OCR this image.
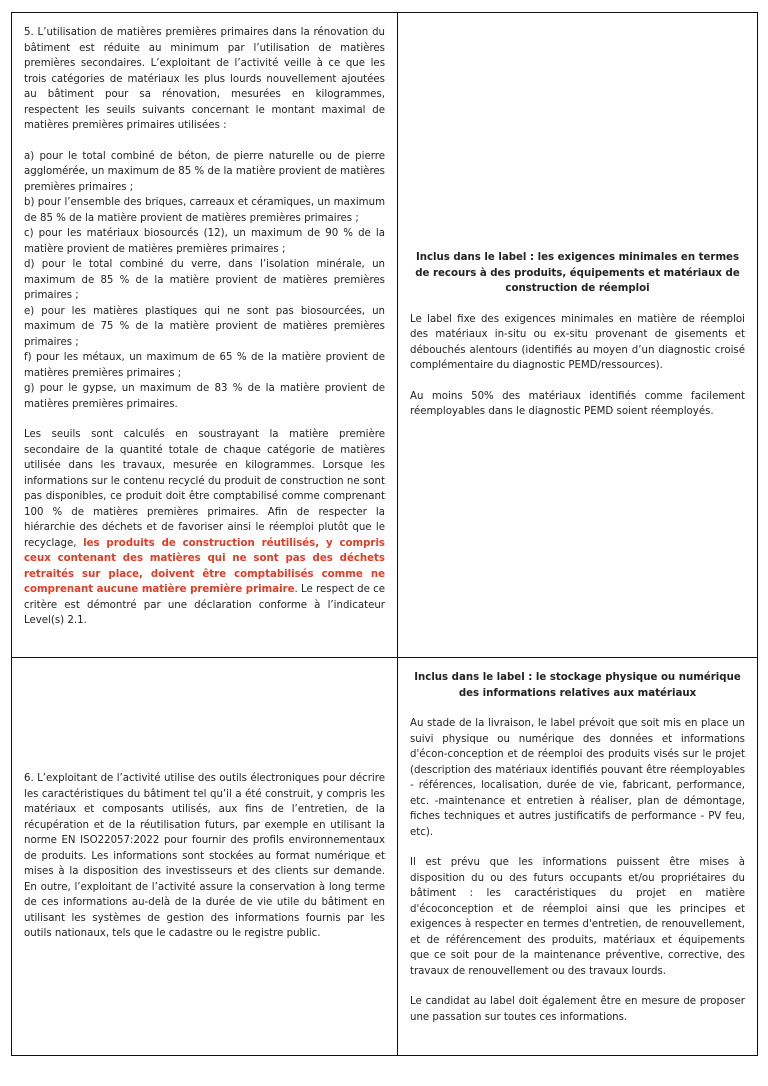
5. L’utilisation de matières premières primaires dans la rénovation du bâtiment est réduite au minimum par l’utilisation de matières premières secondaires. L’exploitant de l’activité veille à ce que les trois catégories de matériaux les plus lourds nouvellement ajoutées au bâtiment pour sa rénovation, mesurées en kilogrammes, respectent les seuils suivants concernant le montant maximal de matières premières primaires utilisées :

a) pour le total combiné de béton, de pierre naturelle ou de pierre agglomérée, un maximum de 85 % de la matière provient de matières premières primaires ;

b) pour l’ensemble des briques, carreaux et céramiques, un maximum de 85 % de la matière provient de matières premières primaires ;

c) pour les matériaux biosourcés (12), un maximum de 90 % de la matière provient de matières premières primaires ;

d) pour le total combiné du verre, dans l’isolation minérale, un maximum de 85 % de la matière provient de matières premières primaires ;

e) pour les matières plastiques qui ne sont pas biosourcées, un maximum de 75 % de la matière provient de matières premières primaires ;

f) pour les métaux, un maximum de 65 % de la matière provient de matières premières primaires ;

g) pour le gypse, un maximum de 83 % de la matière provient de matières premières primaires.

Les seuils sont calculés en soustrayant la matière première secondaire de la quantité totale de chaque catégorie de matières utilisée dans les travaux, mesurée en kilogrammes. Lorsque les informations sur le contenu recyclé du produit de construction ne sont pas disponibles, ce produit doit être comptabilisé comme comprenant 100 % de matières premières primaires. Afin de respecter la hiérarchie des déchets et de favoriser ainsi le réemploi plutôt que le recyclage, les produits de construction réutilisés, y compris ceux contenant des matières qui ne sont pas des déchets retraités sur place, doivent être comptabilisés comme ne comprenant aucune matière première primaire. Le respect de ce critère est démontré par une déclaration conforme à l’indicateur Level(s) 2.1.

Inclus dans le label : les exigences minimales en termes de recours à des produits, équipements et matériaux de construction de réemploi

Le label fixe des exigences minimales en matière de réemploi des matériaux in-situ ou ex-situ provenant de gisements et débouchés alentours (identifiés au moyen d’un diagnostic croisé complémentaire du diagnostic PEMD/ressources).

Au moins 50% des matériaux identifiés comme facilement réemployables dans le diagnostic PEMD soient réemployés.

6. L’exploitant de l’activité utilise des outils électroniques pour décrire les caractéristiques du bâtiment tel qu’il a été construit, y compris les matériaux et composants utilisés, aux fins de l’entretien, de la récupération et de la réutilisation futurs, par exemple en utilisant la norme EN ISO22057:2022 pour fournir des profils environnementaux de produits. Les informations sont stockées au format numérique et mises à la disposition des investisseurs et des clients sur demande. En outre, l’exploitant de l’activité assure la conservation à long terme de ces informations au-delà de la durée de vie utile du bâtiment en utilisant les systèmes de gestion des informations fournis par les outils nationaux, tels que le cadastre ou le registre public.

Inclus dans le label : le stockage physique ou numérique des informations relatives aux matériaux

Au stade de la livraison, le label prévoit que soit mis en place un suivi physique ou numérique des données et informations d'écon-conception et de réemploi des produits visés sur le projet (description des matériaux identifiés pouvant être réemployables - références, localisation, durée de vie, fabricant, performance, etc. -maintenance et entretien à réaliser, plan de démontage, fiches techniques et autres justificatifs de performance - PV feu, etc).

Il est prévu que les informations puissent être mises à disposition du ou des futurs occupants et/ou propriétaires du bâtiment : les caractéristiques du projet en matière d'écoconception et de réemploi ainsi que les principes et exigences à respecter en termes d'entretien, de renouvellement, et de référencement des produits, matériaux et équipements que ce soit pour de la maintenance préventive, corrective, des travaux de renouvellement ou des travaux lourds.

Le candidat au label doit également être en mesure de proposer une passation sur toutes ces informations.
